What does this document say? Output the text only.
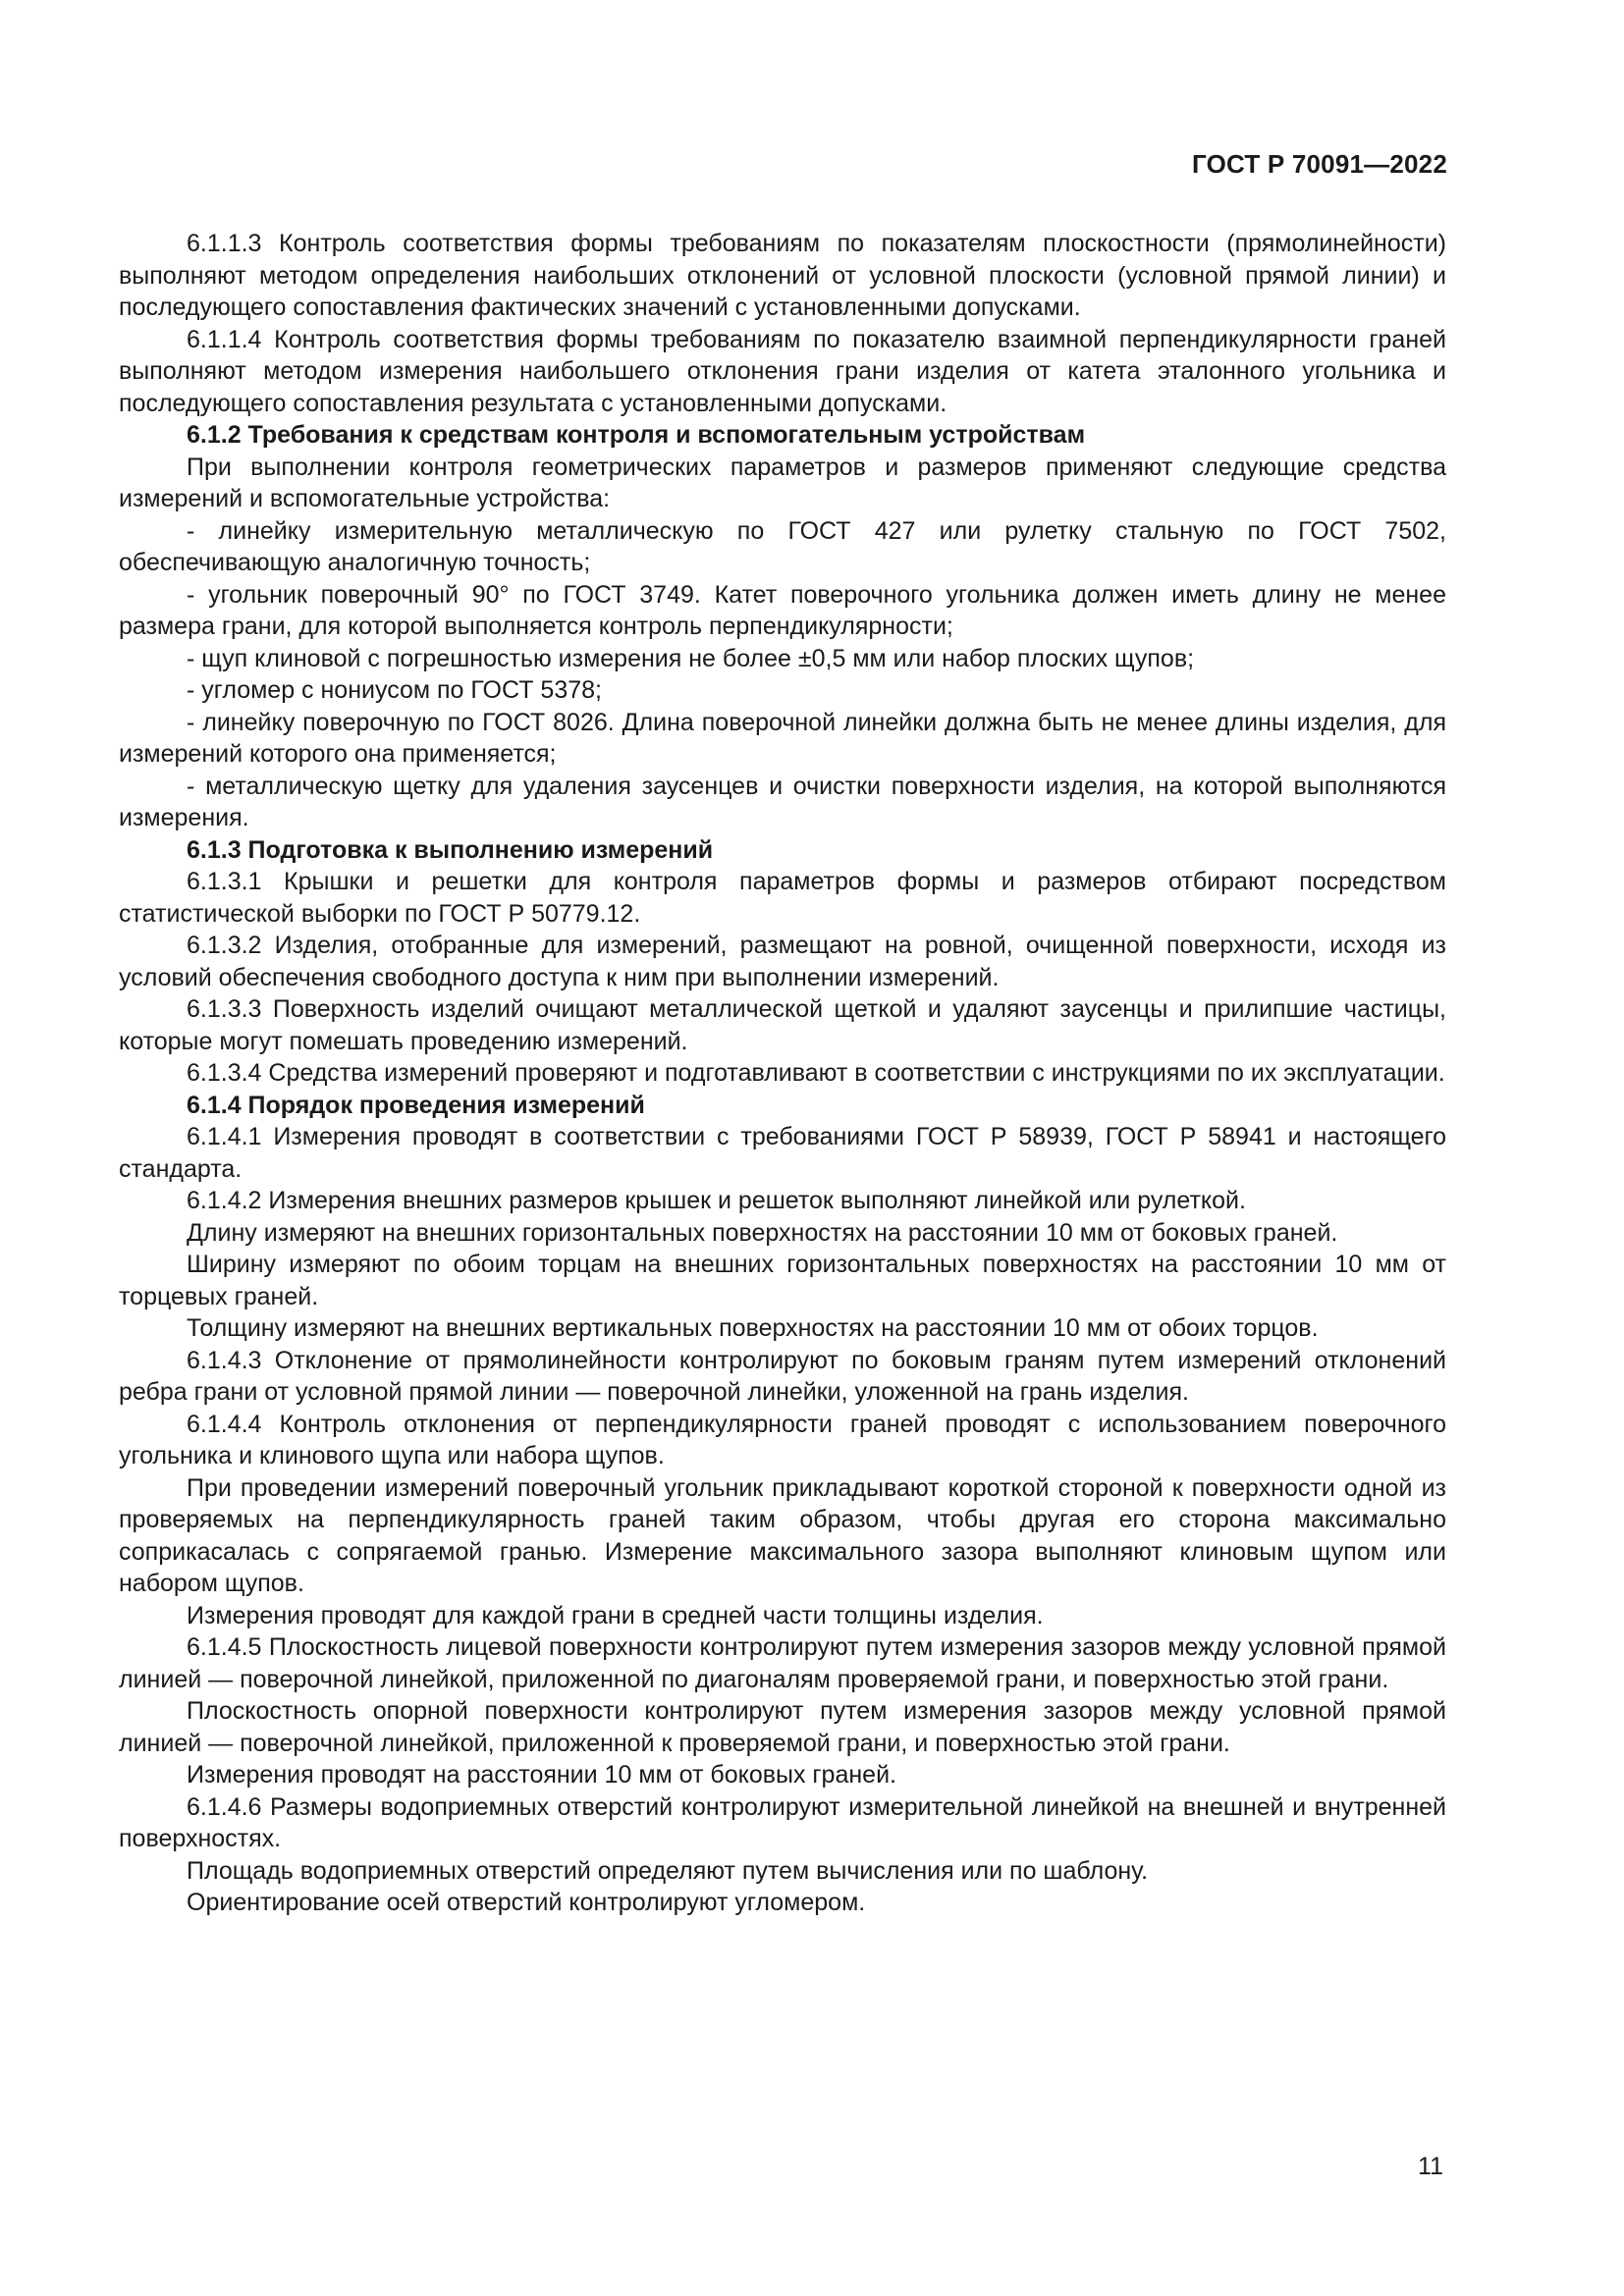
ГОСТ Р 70091—2022

6.1.1.3 Контроль соответствия формы требованиям по показателям плоскостности (прямолинейности) выполняют методом определения наибольших отклонений от условной плоскости (условной прямой линии) и последующего сопоставления фактических значений с установленными допусками.

6.1.1.4 Контроль соответствия формы требованиям по показателю взаимной перпендикулярности граней выполняют методом измерения наибольшего отклонения грани изделия от катета эталонного угольника и последующего сопоставления результата с установленными допусками.

6.1.2 Требования к средствам контроля и вспомогательным устройствам

При выполнении контроля геометрических параметров и размеров применяют следующие средства измерений и вспомогательные устройства:

- линейку измерительную металлическую по ГОСТ 427 или рулетку стальную по ГОСТ 7502, обеспечивающую аналогичную точность;

- угольник поверочный 90° по ГОСТ 3749. Катет поверочного угольника должен иметь длину не менее размера грани, для которой выполняется контроль перпендикулярности;

- щуп клиновой с погрешностью измерения не более ±0,5 мм или набор плоских щупов;

- угломер с нониусом по ГОСТ 5378;

- линейку поверочную по ГОСТ 8026. Длина поверочной линейки должна быть не менее длины изделия, для измерений которого она применяется;

- металлическую щетку для удаления заусенцев и очистки поверхности изделия, на которой выполняются измерения.

6.1.3 Подготовка к выполнению измерений

6.1.3.1 Крышки и решетки для контроля параметров формы и размеров отбирают посредством статистической выборки по ГОСТ Р 50779.12.

6.1.3.2 Изделия, отобранные для измерений, размещают на ровной, очищенной поверхности, исходя из условий обеспечения свободного доступа к ним при выполнении измерений.

6.1.3.3 Поверхность изделий очищают металлической щеткой и удаляют заусенцы и прилипшие частицы, которые могут помешать проведению измерений.

6.1.3.4 Средства измерений проверяют и подготавливают в соответствии с инструкциями по их эксплуатации.

6.1.4 Порядок проведения измерений

6.1.4.1 Измерения проводят в соответствии с требованиями ГОСТ Р 58939, ГОСТ Р 58941 и настоящего стандарта.

6.1.4.2 Измерения внешних размеров крышек и решеток выполняют линейкой или рулеткой.

Длину измеряют на внешних горизонтальных поверхностях на расстоянии 10 мм от боковых граней.

Ширину измеряют по обоим торцам на внешних горизонтальных поверхностях на расстоянии 10 мм от торцевых граней.

Толщину измеряют на внешних вертикальных поверхностях на расстоянии 10 мм от обоих торцов.

6.1.4.3 Отклонение от прямолинейности контролируют по боковым граням путем измерений отклонений ребра грани от условной прямой линии — поверочной линейки, уложенной на грань изделия.

6.1.4.4 Контроль отклонения от перпендикулярности граней проводят с использованием поверочного угольника и клинового щупа или набора щупов.

При проведении измерений поверочный угольник прикладывают короткой стороной к поверхности одной из проверяемых на перпендикулярность граней таким образом, чтобы другая его сторона максимально соприкасалась с сопрягаемой гранью. Измерение максимального зазора выполняют клиновым щупом или набором щупов.

Измерения проводят для каждой грани в средней части толщины изделия.

6.1.4.5 Плоскостность лицевой поверхности контролируют путем измерения зазоров между условной прямой линией — поверочной линейкой, приложенной по диагоналям проверяемой грани, и поверхностью этой грани.

Плоскостность опорной поверхности контролируют путем измерения зазоров между условной прямой линией — поверочной линейкой, приложенной к проверяемой грани, и поверхностью этой грани.

Измерения проводят на расстоянии 10 мм от боковых граней.

6.1.4.6 Размеры водоприемных отверстий контролируют измерительной линейкой на внешней и внутренней поверхностях.

Площадь водоприемных отверстий определяют путем вычисления или по шаблону.

Ориентирование осей отверстий контролируют угломером.

11
